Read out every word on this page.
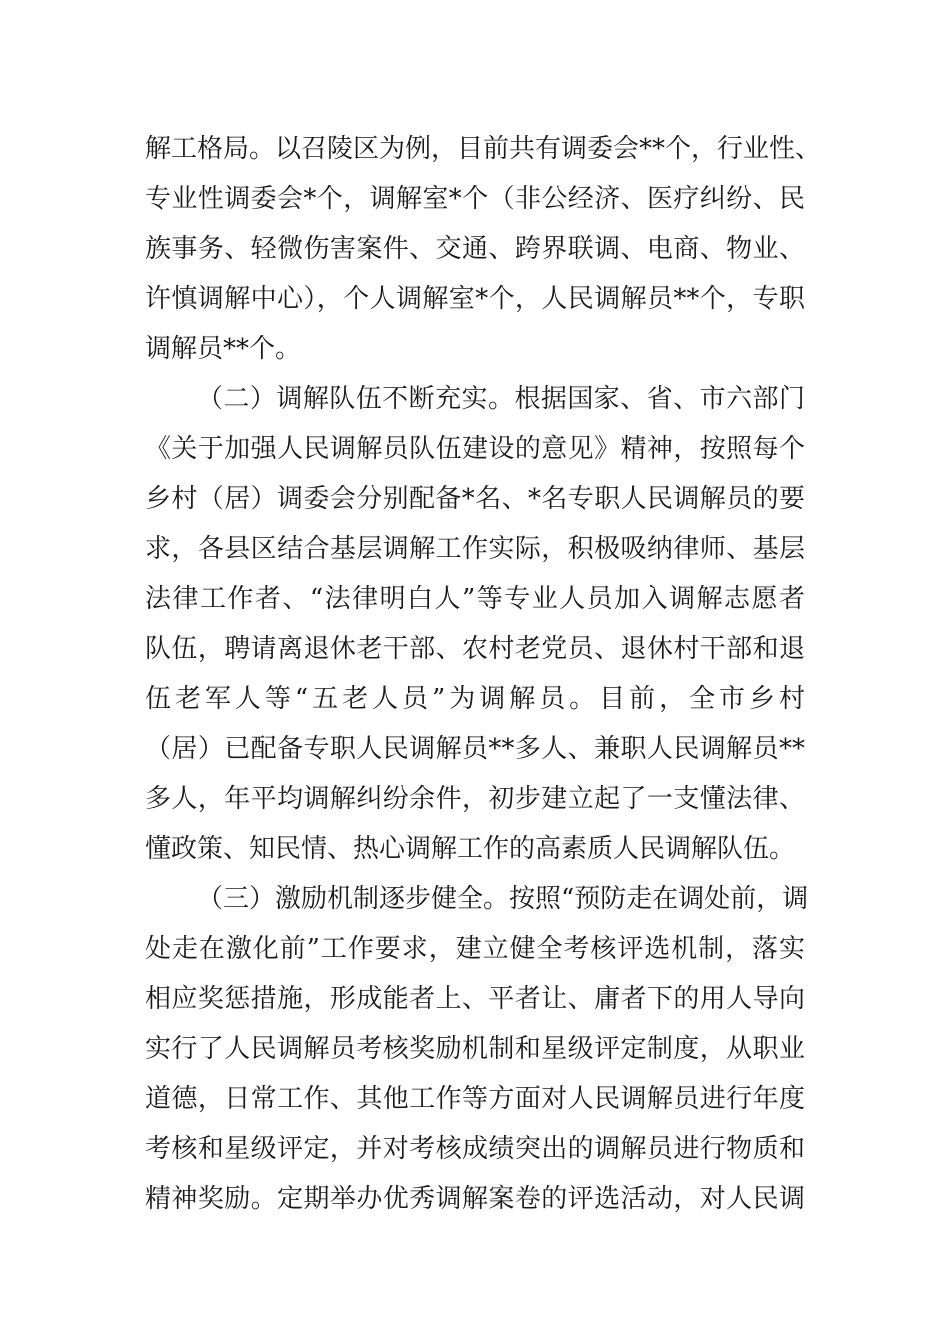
解工格局。以召陵区为例，目前共有调委会**个，行业性、
专业性调委会*个，调解室*个（非公经济、医疗纠纷、民
族事务、轻微伤害案件、交通、跨界联调、电商、物业、
许慎调解中心），个人调解室*个，人民调解员**个，专职
调解员**个。
（二）调解队伍不断充实。根据国家、省、市六部门
《关于加强人民调解员队伍建设的意见》精神，按照每个
乡村（居）调委会分别配备*名、*名专职人民调解员的要
求，各县区结合基层调解工作实际，积极吸纳律师、基层
法律工作者、“法律明白人”等专业人员加入调解志愿者
队伍，聘请离退休老干部、农村老党员、退休村干部和退
伍老军人等“五老人员”为调解员。目前，全市乡村
（居）已配备专职人民调解员**多人、兼职人民调解员**
多人，年平均调解纠纷余件，初步建立起了一支懂法律、
懂政策、知民情、热心调解工作的高素质人民调解队伍。
（三）激励机制逐步健全。按照“预防走在调处前，调
处走在激化前”工作要求，建立健全考核评选机制，落实
相应奖惩措施，形成能者上、平者让、庸者下的用人导向
实行了人民调解员考核奖励机制和星级评定制度，从职业
道德，日常工作、其他工作等方面对人民调解员进行年度
考核和星级评定，并对考核成绩突出的调解员进行物质和
精神奖励。定期举办优秀调解案卷的评选活动，对人民调
